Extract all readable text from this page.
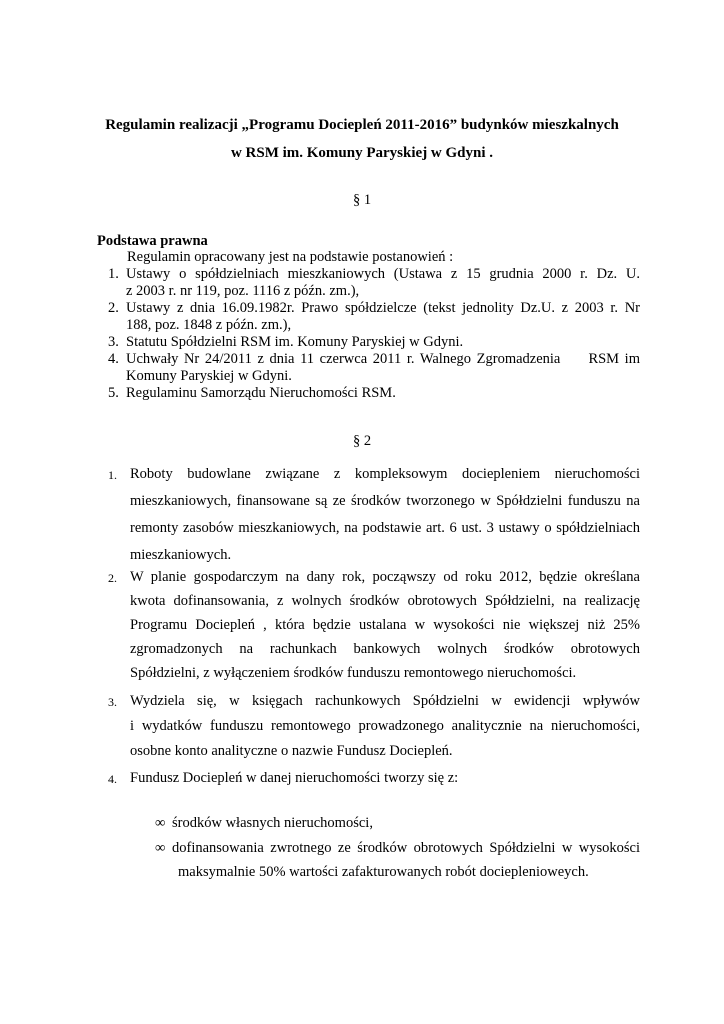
Regulamin realizacji „Programu Dociepleń 2011-2016” budynków mieszkalnych
w RSM im. Komuny Paryskiej w Gdyni .
§ 1
Podstawa prawna
Regulamin opracowany jest na podstawie postanowień :
1. Ustawy o spółdzielniach mieszkaniowych (Ustawa z 15 grudnia 2000 r. Dz. U.
z 2003 r. nr 119, poz. 1116 z późn. zm.),
2. Ustawy z dnia 16.09.1982r. Prawo spółdzielcze (tekst jednolity Dz.U. z 2003 r. Nr
188, poz. 1848 z późn. zm.),
3. Statutu Spółdzielni RSM im. Komuny Paryskiej w Gdyni.
4. Uchwały Nr 24/2011 z dnia 11 czerwca 2011 r. Walnego Zgromadzenia     RSM im
Komuny Paryskiej w Gdyni.
5. Regulaminu Samorządu Nieruchomości RSM.
§ 2
1. Roboty budowlane związane z kompleksowym dociepleniem nieruchomości
mieszkaniowych, finansowane są ze środków tworzonego w Spółdzielni funduszu na
remonty zasobów mieszkaniowych, na podstawie art. 6 ust. 3 ustawy o spółdzielniach
mieszkaniowych.
2. W planie gospodarczym na dany rok, począwszy od roku 2012, będzie określana
kwota dofinansowania, z wolnych środków obrotowych Spółdzielni, na realizację
Programu Dociepleń , która będzie ustalana w wysokości nie większej niż 25%
zgromadzonych na rachunkach bankowych wolnych środków obrotowych
Spółdzielni, z wyłączeniem środków funduszu remontowego nieruchomości.
3. Wydziela się, w księgach rachunkowych Spółdzielni w ewidencji wpływów
i wydatków funduszu remontowego prowadzonego analitycznie na nieruchomości,
osobne konto analityczne o nazwie Fundusz Dociepleń.
4. Fundusz Dociepleń w danej nieruchomości tworzy się z:
∞ środków własnych nieruchomości,
∞ dofinansowania zwrotnego ze środków obrotowych Spółdzielni w wysokości
maksymalnie 50% wartości zafakturowanych robót docieplenioweych.
